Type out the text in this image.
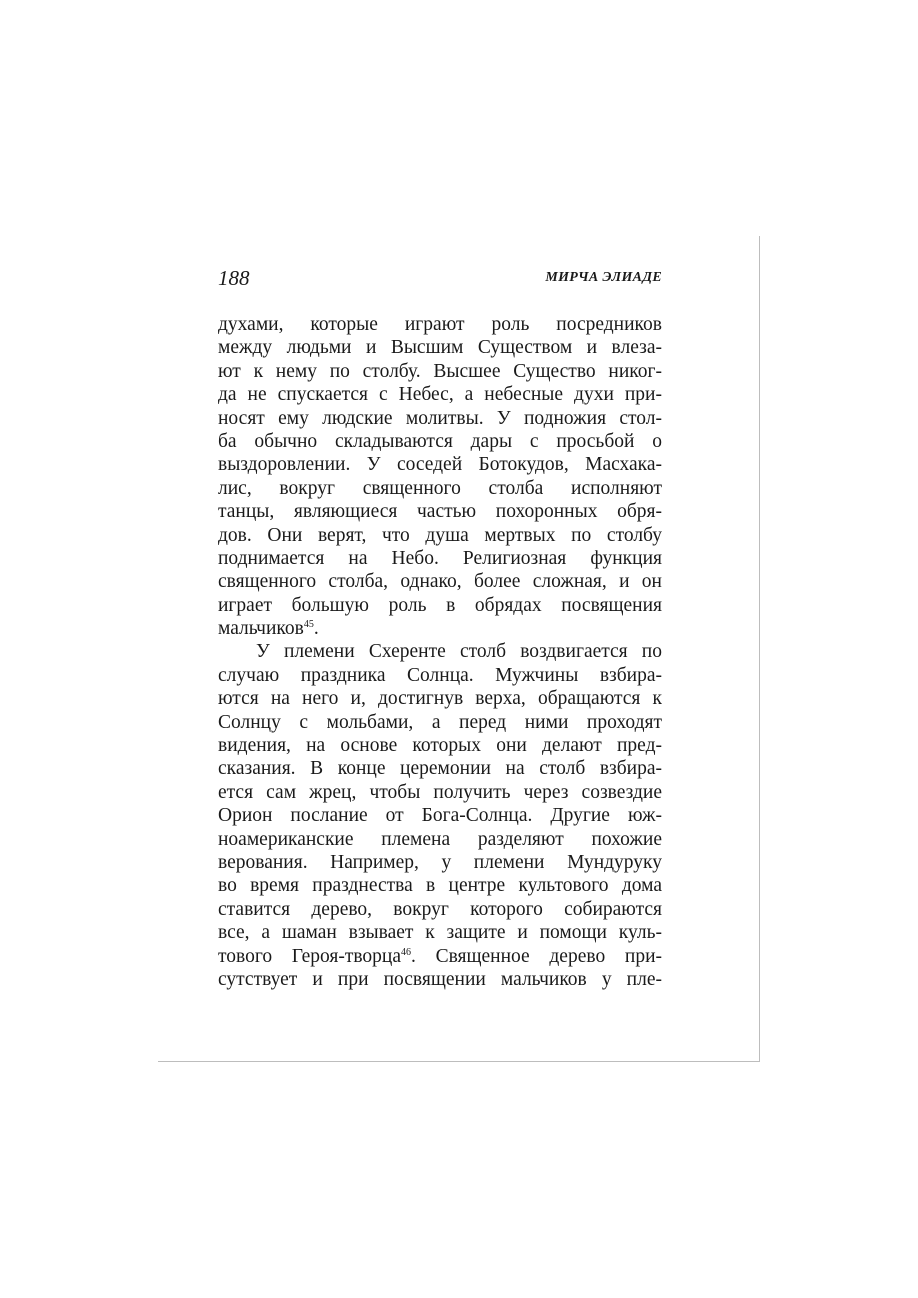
188	МИРЧА ЭЛИАДЕ
духами, которые играют роль посредников
между людьми и Высшим Существом и влеза-
ют к нему по столбу. Высшее Существо никог-
да не спускается с Небес, а небесные духи при-
носят ему людские молитвы. У подножия стол-
ба обычно складываются дары с просьбой о
выздоровлении. У соседей Ботокудов, Масхака-
лис, вокруг священного столба исполняют
танцы, являющиеся частью похоронных обря-
дов. Они верят, что душа мертвых по столбу
поднимается на Небо. Религиозная функция
священного столба, однако, более сложная, и он
играет большую роль в обрядах посвящения
мальчиков$^{45}$.
У племени Схеренте столб воздвигается по
случаю праздника Солнца. Мужчины взбира-
ются на него и, достигнув верха, обращаются к
Солнцу с мольбами, а перед ними проходят
видения, на основе которых они делают пред-
сказания. В конце церемонии на столб взбира-
ется сам жрец, чтобы получить через созвездие
Орион послание от Бога-Солнца. Другие юж-
ноамериканские племена разделяют похожие
верования. Например, у племени Мундуруку
во время празднества в центре культового дома
ставится дерево, вокруг которого собираются
все, а шаман взывает к защите и помощи куль-
тового Героя-творца$^{46}$. Священное дерево при-
сутствует и при посвящении мальчиков у пле-
